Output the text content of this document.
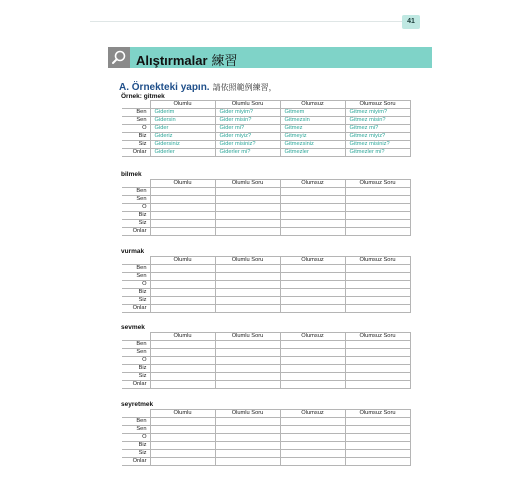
41
Alıştırmalar 練習
A. Örnekteki yapın. 請依照範例練習，
Örnek: gitmek
	Olumlu	Olumlu Soru	Olumsuz	Olumsuz Soru
Ben	Giderim	Gider miyim?	Gitmem	Gitmez miyim?
Sen	Gidersin	Gider misin?	Gitmezsin	Gitmez misin?
O	Gider	Gider mi?	Gitmez	Gitmez mi?
Biz	Gideriz	Gider miyiz?	Gitmeyiz	Gitmez miyiz?
Siz	Gidersiniz	Gider misiniz?	Gitmezsiniz	Gitmez misiniz?
Onlar	Giderler	Giderler mi?	Gitmezler	Gitmezler mi?
bilmek
	Olumlu	Olumlu Soru	Olumsuz	Olumsuz Soru
Ben				
Sen				
O				
Biz				
Siz				
Onlar				
vurmak
	Olumlu	Olumlu Soru	Olumsuz	Olumsuz Soru
Ben				
Sen				
O				
Biz				
Siz				
Onlar				
sevmek
	Olumlu	Olumlu Soru	Olumsuz	Olumsuz Soru
Ben				
Sen				
O				
Biz				
Siz				
Onlar				
seyretmek
	Olumlu	Olumlu Soru	Olumsuz	Olumsuz Soru
Ben				
Sen				
O				
Biz				
Siz				
Onlar				
